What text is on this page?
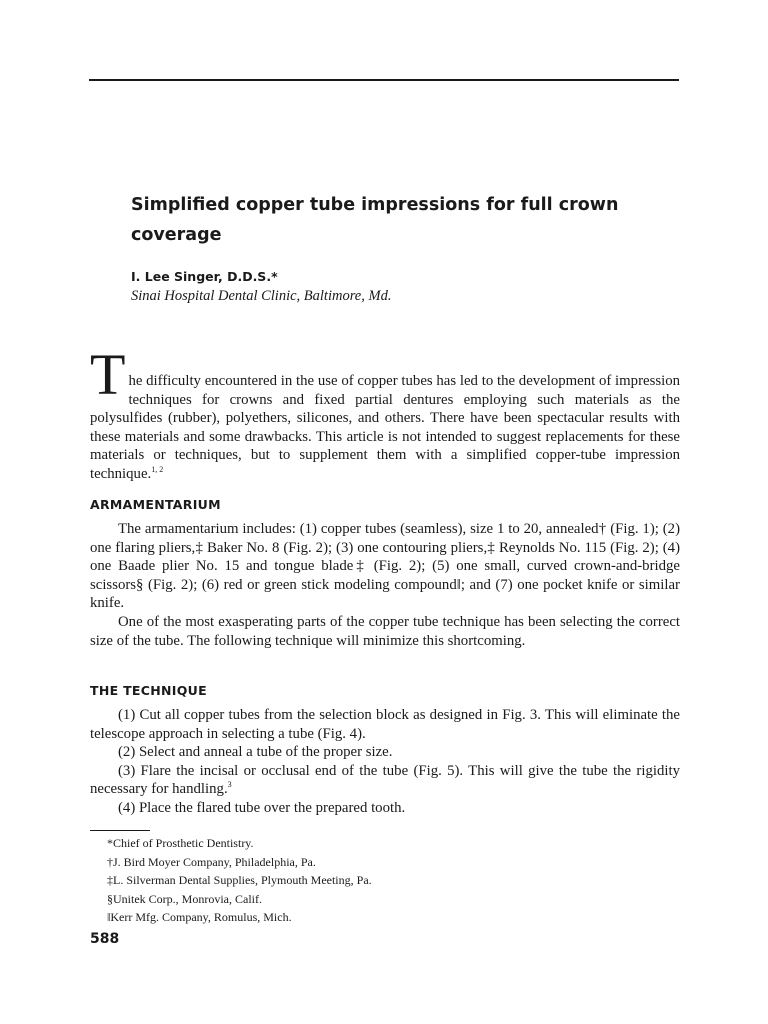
Simplified copper tube impressions for full crown coverage

I. Lee Singer, D.D.S.*

Sinai Hospital Dental Clinic, Baltimore, Md.

The difficulty encountered in the use of copper tubes has led to the development of impression techniques for crowns and fixed partial dentures employing such materials as the polysulfides (rubber), polyethers, silicones, and others. There have been spectacular results with these materials and some drawbacks. This article is not intended to suggest replacements for these materials or techniques, but to supplement them with a simplified copper-tube impression technique.$^{1, 2}$
ARMAMENTARIUM

The armamentarium includes: (1) copper tubes (seamless), size 1 to 20, annealed† (Fig. 1); (2) one flaring pliers,‡ Baker No. 8 (Fig. 2); (3) one contouring pliers,‡ Reynolds No. 115 (Fig. 2); (4) one Baade plier No. 15 and tongue blade‡ (Fig. 2); (5) one small, curved crown-and-bridge scissors§ (Fig. 2); (6) red or green stick modeling compound‖; and (7) one pocket knife or similar knife.

One of the most exasperating parts of the copper tube technique has been selecting the correct size of the tube. The following technique will minimize this shortcoming.

THE TECHNIQUE

(1) Cut all copper tubes from the selection block as designed in Fig. 3. This will eliminate the telescope approach in selecting a tube (Fig. 4).

(2) Select and anneal a tube of the proper size.

(3) Flare the incisal or occlusal end of the tube (Fig. 5). This will give the tube the rigidity necessary for handling.$^3$

(4) Place the flared tube over the prepared tooth.

*Chief of Prosthetic Dentistry.
†J. Bird Moyer Company, Philadelphia, Pa.
‡L. Silverman Dental Supplies, Plymouth Meeting, Pa.
§Unitek Corp., Monrovia, Calif.
‖Kerr Mfg. Company, Romulus, Mich.

588
